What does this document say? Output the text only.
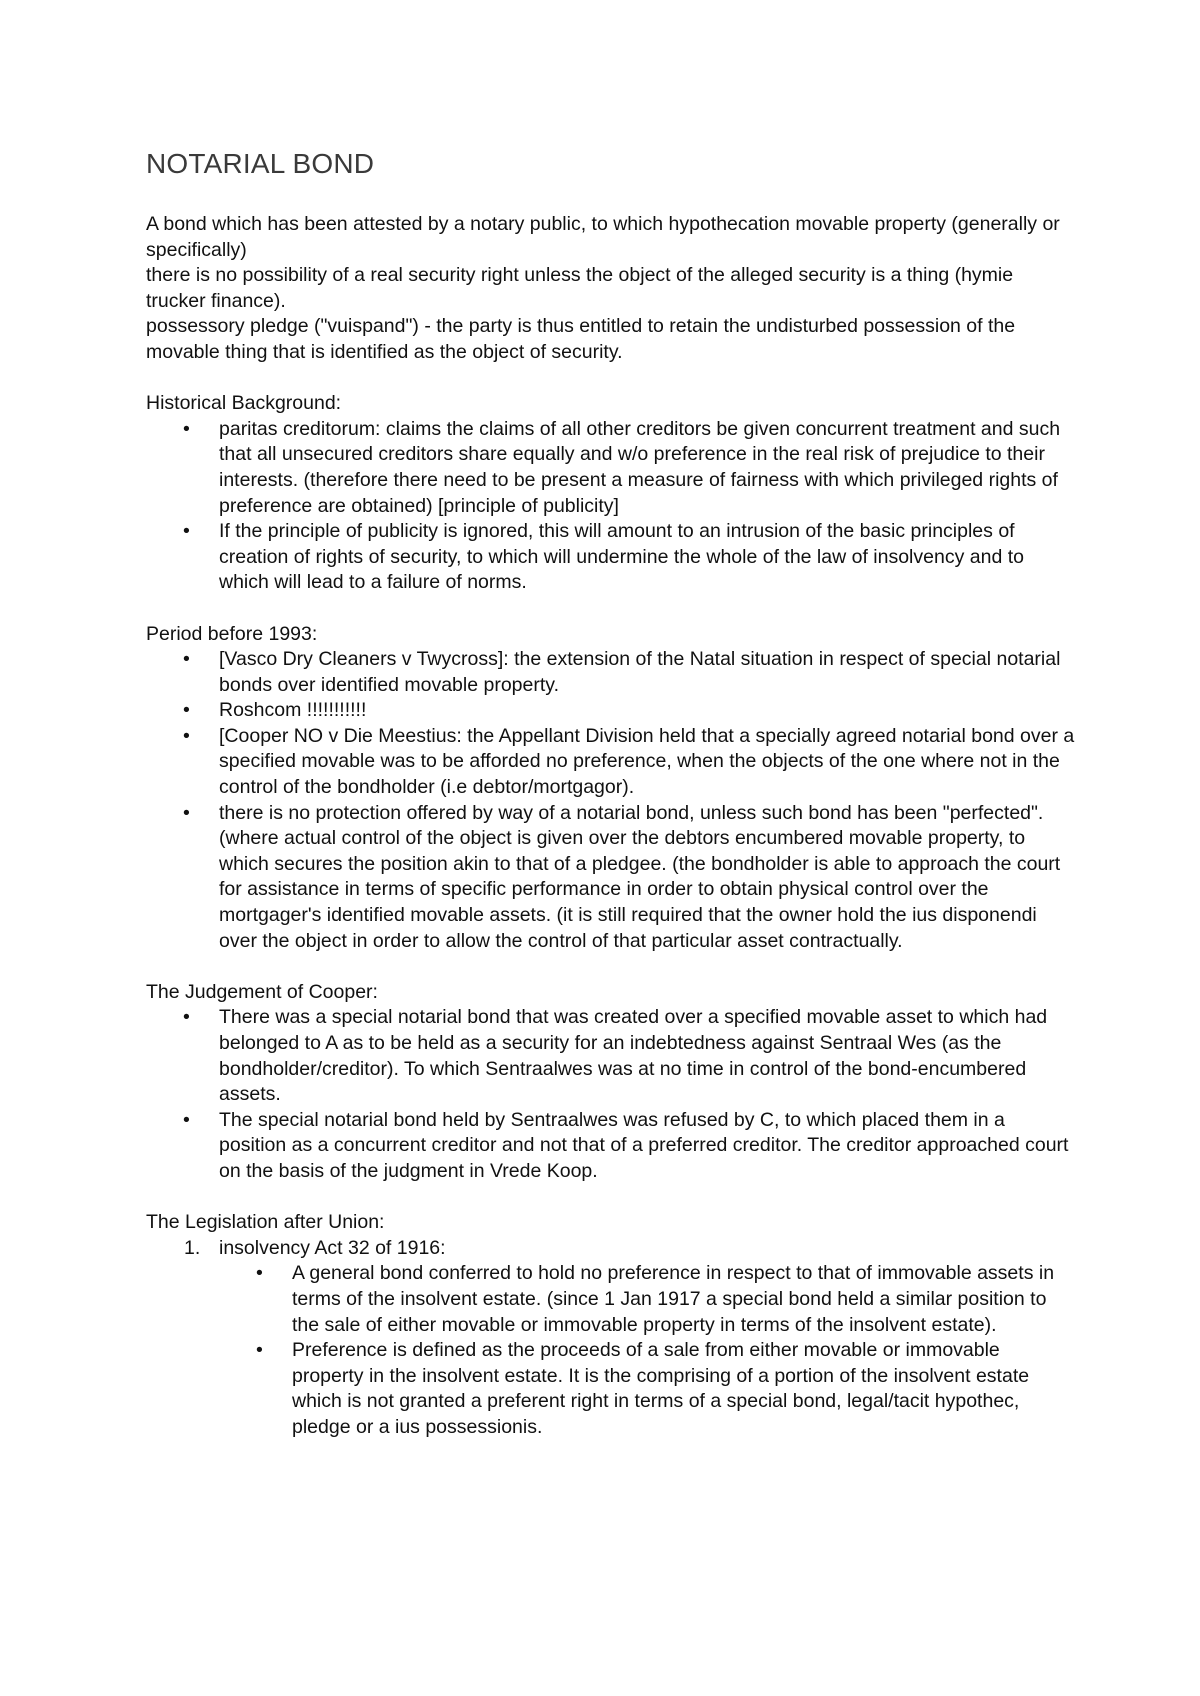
NOTARIAL BOND

A bond which has been attested by a notary public, to which hypothecation movable property (generally or specifically)

there is no possibility of a real security right unless the object of the alleged security is a thing (hymie trucker finance).

possessory pledge ("vuispand") - the party is thus entitled to retain the undisturbed possession of the movable thing that is identified as the object of security.

Historical Background:

• paritas creditorum: claims the claims of all other creditors be given concurrent treatment and such that all unsecured creditors share equally and w/o preference in the real risk of prejudice to their interests. (therefore there need to be present a measure of fairness with which privileged rights of preference are obtained) [principle of publicity]
• If the principle of publicity is ignored, this will amount to an intrusion of the basic principles of creation of rights of security, to which will undermine the whole of the law of insolvency and to which will lead to a failure of norms.

Period before 1993:

• [Vasco Dry Cleaners v Twycross]: the extension of the Natal situation in respect of special notarial bonds over identified movable property.
• Roshcom !!!!!!!!!!!
• [Cooper NO v Die Meestius: the Appellant Division held that a specially agreed notarial bond over a specified movable was to be afforded no preference, when the objects of the one where not in the control of the bondholder (i.e debtor/mortgagor).
• there is no protection offered by way of a notarial bond, unless such bond has been "perfected". (where actual control of the object is given over the debtors encumbered movable property, to which secures the position akin to that of a pledgee. (the bondholder is able to approach the court for assistance in terms of specific performance in order to obtain physical control over the mortgager's identified movable assets. (it is still required that the owner hold the ius disponendi over the object in order to allow the control of that particular asset contractually.

The Judgement of Cooper:

• There was a special notarial bond that was created over a specified movable asset to which had belonged to A as to be held as a security for an indebtedness against Sentraal Wes (as the bondholder/creditor). To which Sentraalwes was at no time in control of the bond-encumbered assets.
• The special notarial bond held by Sentraalwes was refused by C, to which placed them in a position as a concurrent creditor and not that of a preferred creditor. The creditor approached court on the basis of the judgment in Vrede Koop.

The Legislation after Union:

1. insolvency Act 32 of 1916:
• A general bond conferred to hold no preference in respect to that of immovable assets in terms of the insolvent estate. (since 1 Jan 1917 a special bond held a similar position to the sale of either movable or immovable property in terms of the insolvent estate).
• Preference is defined as the proceeds of a sale from either movable or immovable property in the insolvent estate. It is the comprising of a portion of the insolvent estate which is not granted a preferent right in terms of a special bond, legal/tacit hypothec, pledge or a ius possessionis.
